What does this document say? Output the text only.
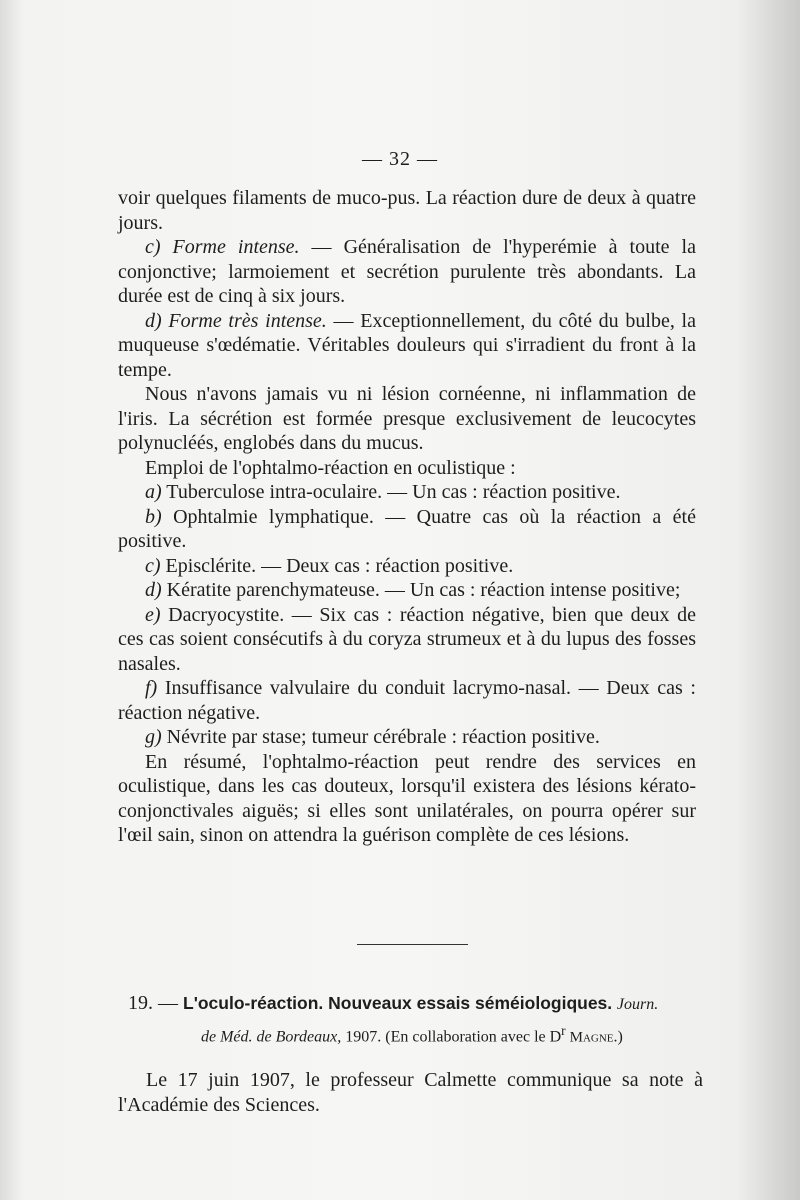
— 32 —

voir quelques filaments de muco-pus. La réaction dure de deux à quatre jours.

c) Forme intense. — Généralisation de l'hyperémie à toute la conjonctive; larmoiement et secrétion purulente très abondants. La durée est de cinq à six jours.

d) Forme très intense. — Exceptionnellement, du côté du bulbe, la muqueuse s'œdématie. Véritables douleurs qui s'irradient du front à la tempe.

Nous n'avons jamais vu ni lésion cornéenne, ni inflammation de l'iris. La sécrétion est formée presque exclusivement de leucocytes polynucléés, englobés dans du mucus.

Emploi de l'ophtalmo-réaction en oculistique :

a) Tuberculose intra-oculaire. — Un cas : réaction positive.

b) Ophtalmie lymphatique. — Quatre cas où la réaction a été positive.

c) Episclérite. — Deux cas : réaction positive.

d) Kératite parenchymateuse. — Un cas : réaction intense positive;

e) Dacryocystite. — Six cas : réaction négative, bien que deux de ces cas soient consécutifs à du coryza strumeux et à du lupus des fosses nasales.

f) Insuffisance valvulaire du conduit lacrymo-nasal. — Deux cas : réaction négative.

g) Névrite par stase; tumeur cérébrale : réaction positive.

En résumé, l'ophtalmo-réaction peut rendre des services en oculistique, dans les cas douteux, lorsqu'il existera des lésions kérato-conjonctivales aiguës; si elles sont unilatérales, on pourra opérer sur l'œil sain, sinon on attendra la guérison complète de ces lésions.

19. — L'oculo-réaction. Nouveaux essais séméiologiques. Journ.
de Méd. de Bordeaux, 1907. (En collaboration avec le $D^r$ Magne.)

Le 17 juin 1907, le professeur Calmette communique sa note à l'Académie des Sciences.
